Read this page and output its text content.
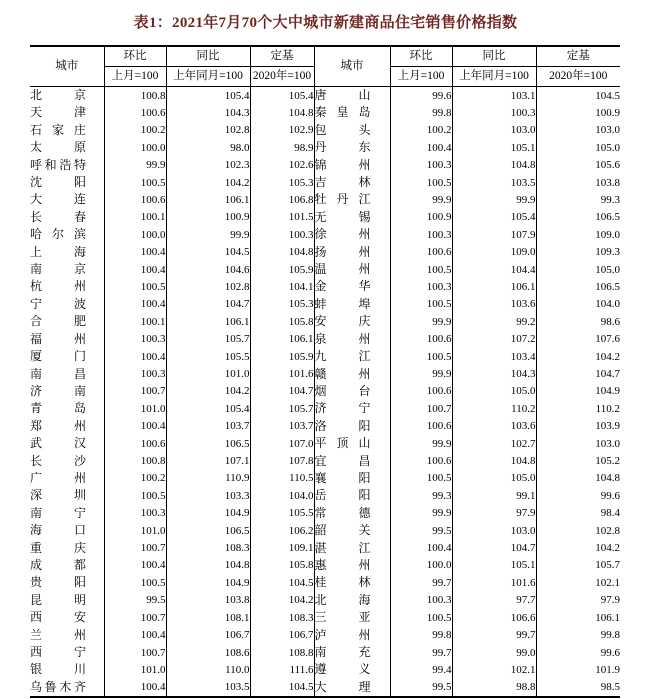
表1：2021年7月70个大中城市新建商品住宅销售价格指数
城市	环比	同比	定基	城市	环比	同比	定基
	上月=100	上年同月=100	2020年=100		上月=100	上年同月=100	2020年=100
北京	100.8	105.4	105.4	唐山	99.6	103.1	104.5
天津	100.6	104.3	104.8	秦皇岛	99.8	100.3	100.9
石家庄	100.2	102.8	102.9	包头	100.2	103.0	103.0
太原	100.0	98.0	98.9	丹东	100.4	105.1	105.0
呼和浩特	99.9	102.3	102.6	锦州	100.3	104.8	105.6
沈阳	100.5	104.2	105.3	吉林	100.5	103.5	103.8
大连	100.6	106.1	106.8	牡丹江	99.9	99.9	99.3
长春	100.1	100.9	101.5	无锡	100.9	105.4	106.5
哈尔滨	100.0	99.9	100.3	徐州	100.3	107.9	109.0
上海	100.4	104.5	104.8	扬州	100.6	109.0	109.3
南京	100.4	104.6	105.9	温州	100.5	104.4	105.0
杭州	100.5	102.8	104.1	金华	100.3	106.1	106.5
宁波	100.4	104.7	105.3	蚌埠	100.5	103.6	104.0
合肥	100.1	106.1	105.8	安庆	99.9	99.2	98.6
福州	100.3	105.7	106.1	泉州	100.6	107.2	107.6
厦门	100.4	105.5	105.9	九江	100.5	103.4	104.2
南昌	100.3	101.0	101.6	赣州	99.9	104.3	104.7
济南	100.7	104.2	104.7	烟台	100.6	105.0	104.9
青岛	101.0	105.4	105.7	济宁	100.7	110.2	110.2
郑州	100.4	103.7	103.7	洛阳	100.6	103.6	103.9
武汉	100.6	106.5	107.0	平顶山	99.9	102.7	103.0
长沙	100.8	107.1	107.8	宜昌	100.6	104.8	105.2
广州	100.2	110.9	110.5	襄阳	100.5	105.0	104.8
深圳	100.5	103.3	104.0	岳阳	99.3	99.1	99.6
南宁	100.3	104.9	105.5	常德	99.9	97.9	98.4
海口	101.0	106.5	106.2	韶关	99.5	103.0	102.8
重庆	100.7	108.3	109.1	湛江	100.4	104.7	104.2
成都	100.4	104.8	105.8	惠州	100.0	105.1	105.7
贵阳	100.5	104.9	104.5	桂林	99.7	101.6	102.1
昆明	99.5	103.8	104.2	北海	100.3	97.7	97.9
西安	100.7	108.1	108.3	三亚	100.5	106.6	106.1
兰州	100.4	106.7	106.7	泸州	99.8	99.7	99.8
西宁	100.7	108.6	108.8	南充	99.7	99.0	99.6
银川	101.0	110.0	111.6	遵义	99.4	102.1	101.9
乌鲁木齐	100.4	103.5	104.5	大理	99.5	98.8	98.5
